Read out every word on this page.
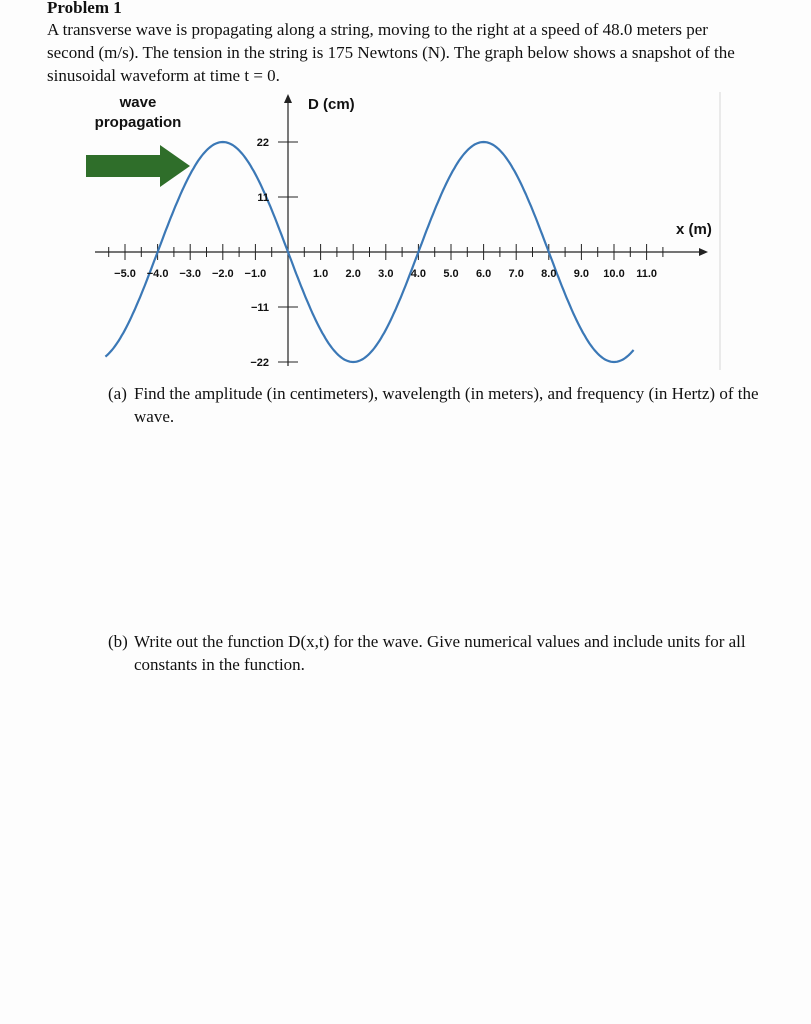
Problem 1
A transverse wave is propagating along a string, moving to the right at a speed of 48.0 meters per second (m/s). The tension in the string is 175 Newtons (N). The graph below shows a snapshot of the sinusoidal waveform at time t = 0.
−5.0 −4.0 −3.0 −2.0 −1.0	1.0 2.0 3.0 4.0 5.0 6.0 7.0 8.0 9.0 10.0 11.0
22
11
−11
−22
D (cm)
x (m)
wave
propagation
(a) Find the amplitude (in centimeters), wavelength (in meters), and frequency (in Hertz) of the wave.
(b) Write out the function D(x,t) for the wave. Give numerical values and include units for all constants in the function.
